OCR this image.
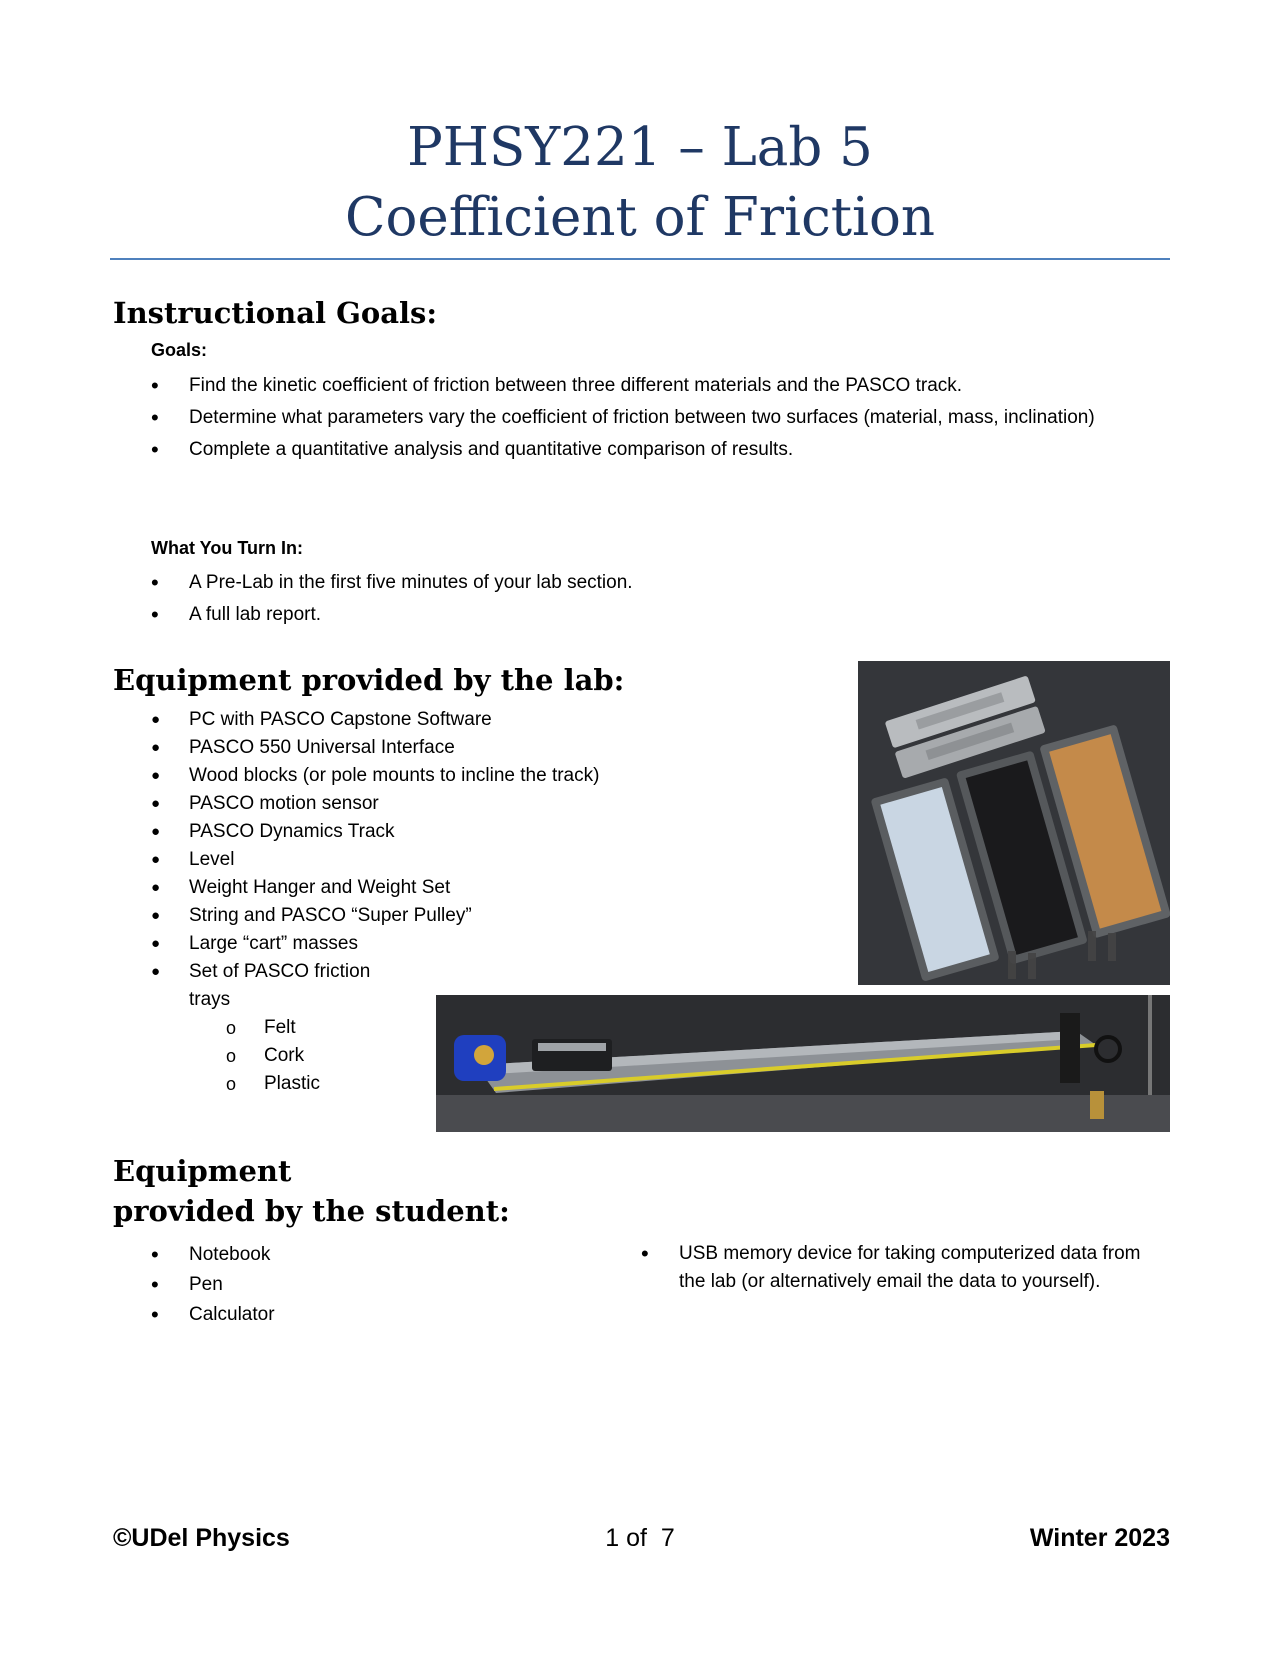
PHSY221 – Lab 5
Coefficient of Friction
Instructional Goals:
Goals:
• Find the kinetic coefficient of friction between three different materials and the PASCO track.
• Determine what parameters vary the coefficient of friction between two surfaces (material, mass, inclination)
• Complete a quantitative analysis and quantitative comparison of results.
What You Turn In:
• A Pre-Lab in the first five minutes of your lab section.
• A full lab report.
Equipment provided by the lab:
● PC with PASCO Capstone Software
● PASCO 550 Universal Interface
● Wood blocks (or pole mounts to incline the track)
● PASCO motion sensor
● PASCO Dynamics Track
● Level
● Weight Hanger and Weight Set
● String and PASCO “Super Pulley”
● Large “cart” masses
● Set of PASCO friction trays
o Felt
o Cork
o Plastic
Equipment
provided by the student:
• Notebook
• Pen
• Calculator
• USB memory device for taking computerized data from the lab (or alternatively email the data to yourself).
©UDel Physics	1 of  7	Winter 2023
